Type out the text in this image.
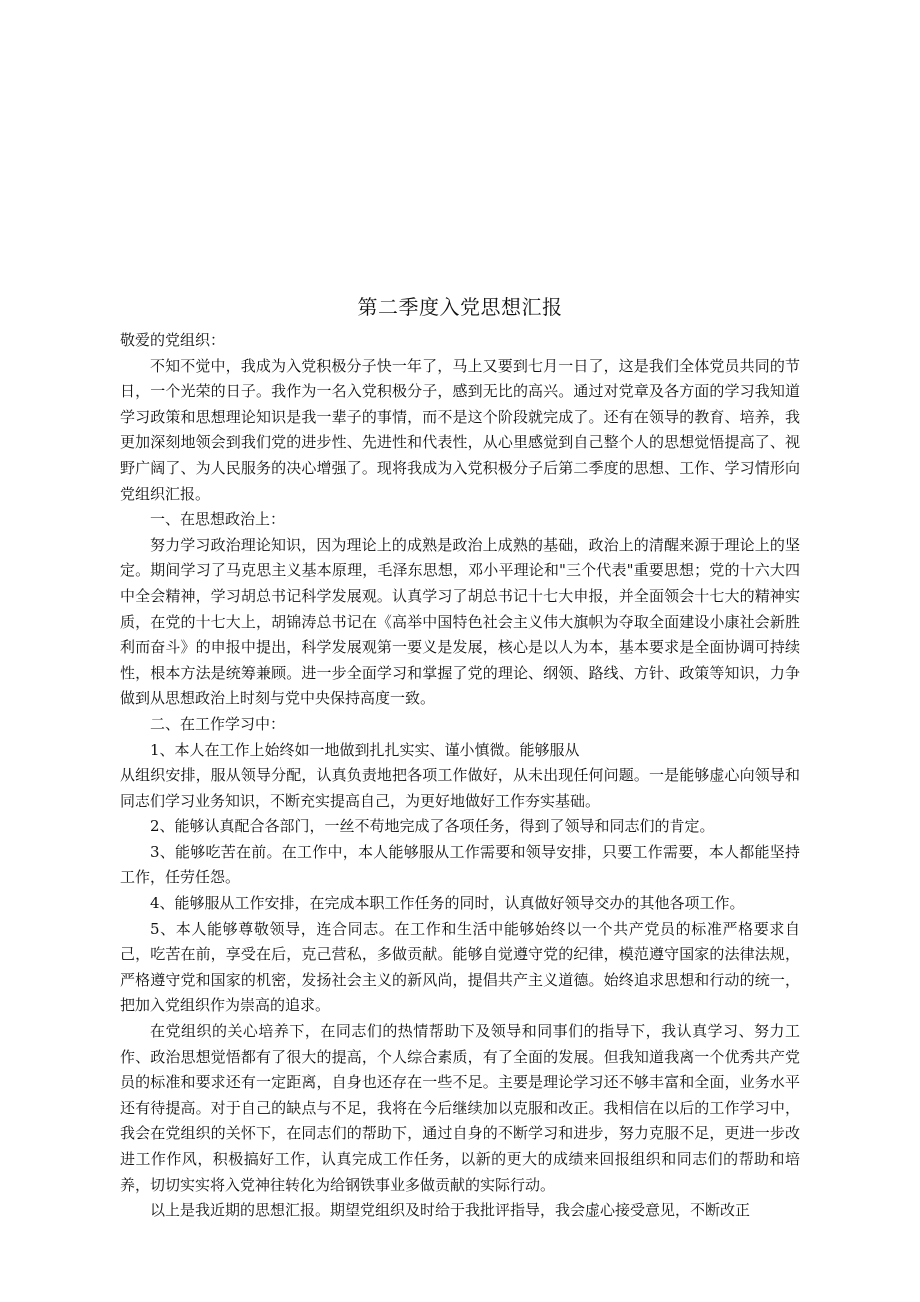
第二季度入党思想汇报

敬爱的党组织：

不知不觉中，我成为入党积极分子快一年了，马上又要到七月一日了，这是我们全体党员共同的节日，一个光荣的日子。我作为一名入党积极分子，感到无比的高兴。通过对党章及各方面的学习我知道学习政策和思想理论知识是我一辈子的事情，而不是这个阶段就完成了。还有在领导的教育、培养，我更加深刻地领会到我们党的进步性、先进性和代表性，从心里感觉到自己整个人的思想觉悟提高了、视野广阔了、为人民服务的决心增强了。现将我成为入党积极分子后第二季度的思想、工作、学习情形向党组织汇报。

一、在思想政治上：

努力学习政治理论知识，因为理论上的成熟是政治上成熟的基础，政治上的清醒来源于理论上的坚定。期间学习了马克思主义基本原理，毛泽东思想，邓小平理论和"三个代表"重要思想；党的十六大四中全会精神，学习胡总书记科学发展观。认真学习了胡总书记十七大申报，并全面领会十七大的精神实质，在党的十七大上，胡锦涛总书记在《高举中国特色社会主义伟大旗帜为夺取全面建设小康社会新胜利而奋斗》的申报中提出，科学发展观第一要义是发展，核心是以人为本，基本要求是全面协调可持续性，根本方法是统筹兼顾。进一步全面学习和掌握了党的理论、纲领、路线、方针、政策等知识，力争做到从思想政治上时刻与党中央保持高度一致。

二、在工作学习中：

1、本人在工作上始终如一地做到扎扎实实、谨小慎微。能够服从

从组织安排，服从领导分配，认真负责地把各项工作做好，从未出现任何问题。一是能够虚心向领导和同志们学习业务知识，不断充实提高自己，为更好地做好工作夯实基础。

2、能够认真配合各部门，一丝不苟地完成了各项任务，得到了领导和同志们的肯定。

3、能够吃苦在前。在工作中，本人能够服从工作需要和领导安排，只要工作需要，本人都能坚持工作，任劳任怨。

4、能够服从工作安排，在完成本职工作任务的同时，认真做好领导交办的其他各项工作。

5、本人能够尊敬领导，连合同志。在工作和生活中能够始终以一个共产党员的标准严格要求自己，吃苦在前，享受在后，克己营私，多做贡献。能够自觉遵守党的纪律，模范遵守国家的法律法规，严格遵守党和国家的机密，发扬社会主义的新风尚，提倡共产主义道德。始终追求思想和行动的统一，把加入党组织作为崇高的追求。

在党组织的关心培养下，在同志们的热情帮助下及领导和同事们的指导下，我认真学习、努力工作、政治思想觉悟都有了很大的提高，个人综合素质，有了全面的发展。但我知道我离一个优秀共产党员的标准和要求还有一定距离，自身也还存在一些不足。主要是理论学习还不够丰富和全面，业务水平还有待提高。对于自己的缺点与不足，我将在今后继续加以克服和改正。我相信在以后的工作学习中，我会在党组织的关怀下，在同志们的帮助下，通过自身的不断学习和进步，努力克服不足，更进一步改进工作作风，积极搞好工作，认真完成工作任务，以新的更大的成绩来回报组织和同志们的帮助和培养，切切实实将入党神往转化为给钢铁事业多做贡献的实际行动。

以上是我近期的思想汇报。期望党组织及时给于我批评指导，我会虚心接受意见，不断改正
